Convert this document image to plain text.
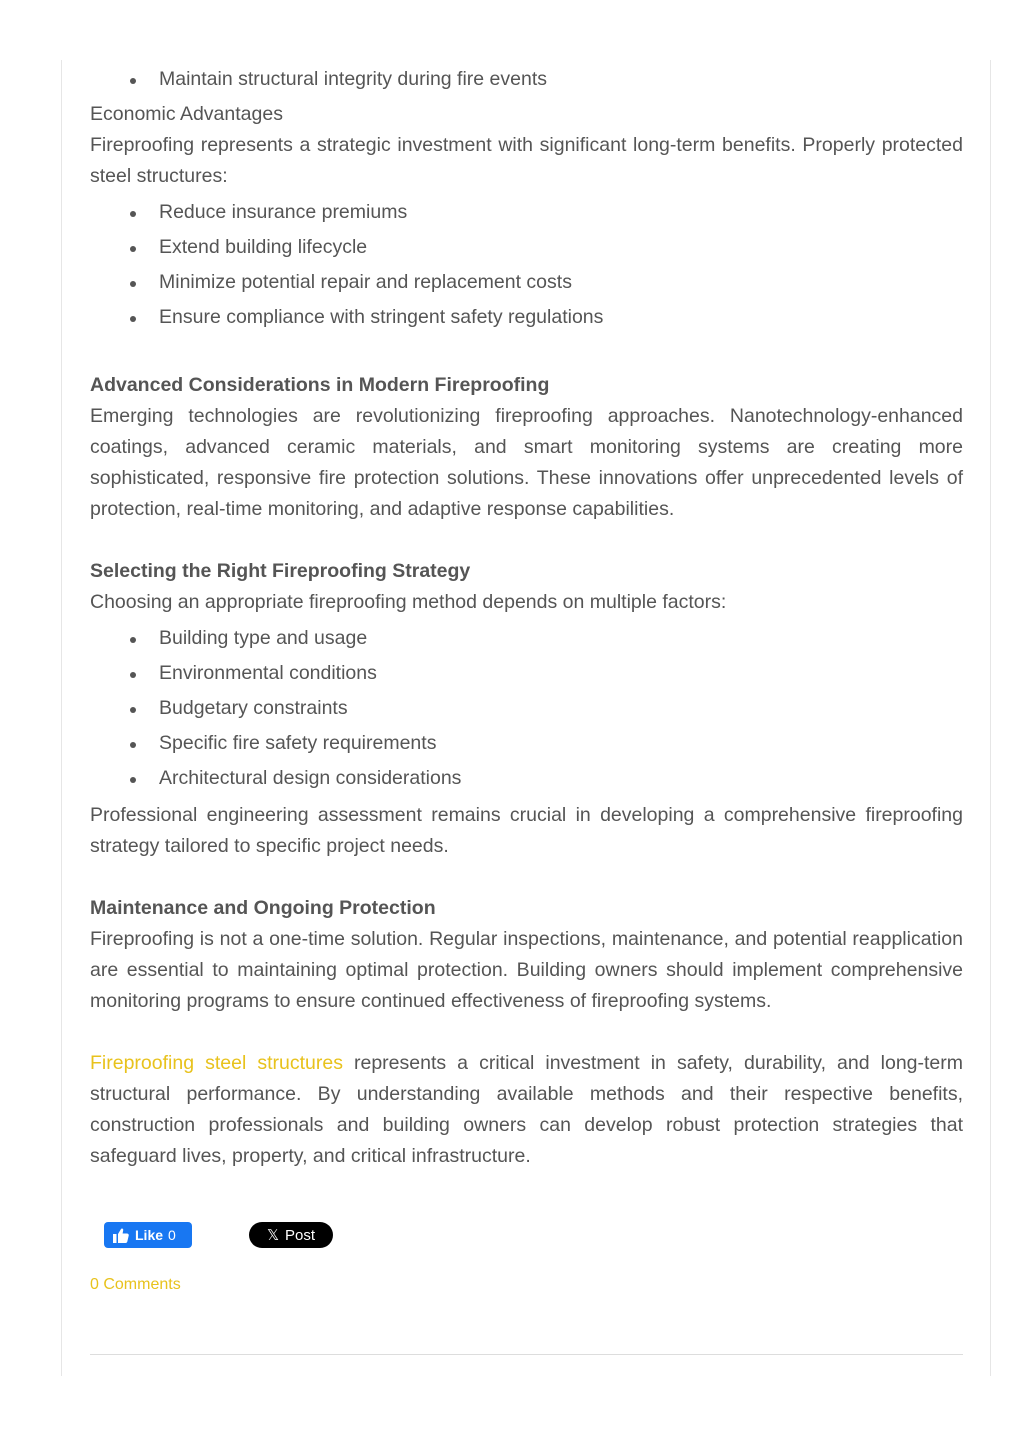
Maintain structural integrity during fire events

Economic Advantages

Fireproofing represents a strategic investment with significant long-term benefits. Properly protected steel structures:

Reduce insurance premiums
Extend building lifecycle
Minimize potential repair and replacement costs
Ensure compliance with stringent safety regulations

Advanced Considerations in Modern Fireproofing

Emerging technologies are revolutionizing fireproofing approaches. Nanotechnology-enhanced coatings, advanced ceramic materials, and smart monitoring systems are creating more sophisticated, responsive fire protection solutions. These innovations offer unprecedented levels of protection, real-time monitoring, and adaptive response capabilities.

Selecting the Right Fireproofing Strategy

Choosing an appropriate fireproofing method depends on multiple factors:

Building type and usage
Environmental conditions
Budgetary constraints
Specific fire safety requirements
Architectural design considerations

Professional engineering assessment remains crucial in developing a comprehensive fireproofing strategy tailored to specific project needs.

Maintenance and Ongoing Protection

Fireproofing is not a one-time solution. Regular inspections, maintenance, and potential reapplication are essential to maintaining optimal protection. Building owners should implement comprehensive monitoring programs to ensure continued effectiveness of fireproofing systems.

Fireproofing steel structures represents a critical investment in safety, durability, and long-term structural performance. By understanding available methods and their respective benefits, construction professionals and building owners can develop robust protection strategies that safeguard lives, property, and critical infrastructure.

Like 0	𝕏 Post
0 Comments
